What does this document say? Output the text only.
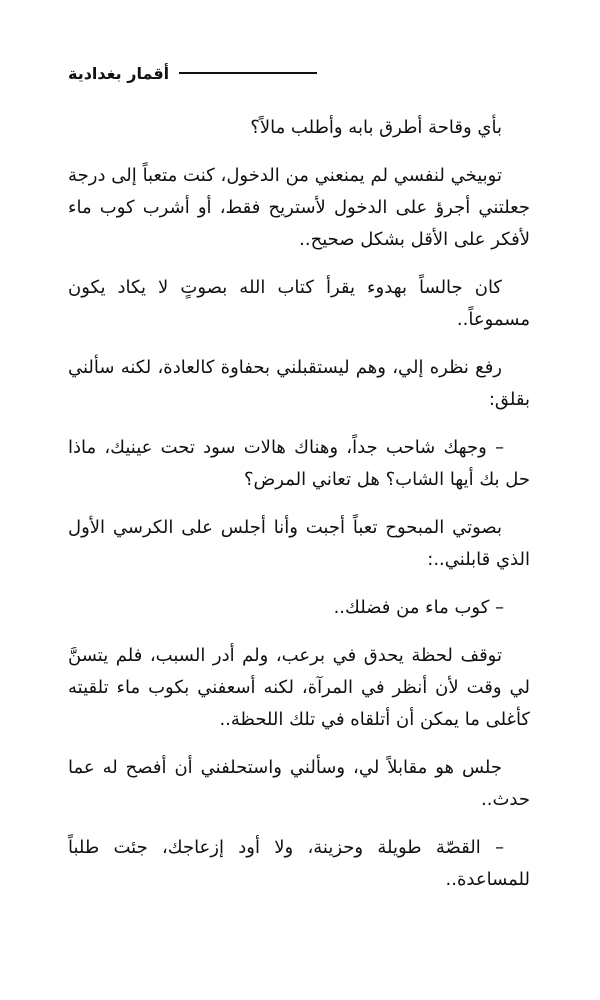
أقمار بغدادية

بأي وقاحة أطرق بابه وأطلب مالاً؟

توبيخي لنفسي لم يمنعني من الدخول، كنت متعباً إلى درجة جعلتني أجرؤ على الدخول لأستريح فقط، أو أشرب كوب ماء لأفكر على الأقل بشكل صحيح..

كان جالساً بهدوء يقرأ كتاب الله بصوتٍ لا يكاد يكون مسموعاً..

رفع نظره إلي، وهم ليستقبلني بحفاوة كالعادة، لكنه سألني بقلق:

– وجهك شاحب جداً، وهناك هالات سود تحت عينيك، ماذا حل بك أيها الشاب؟ هل تعاني المرض؟

بصوتي المبحوح تعباً أجبت وأنا أجلس على الكرسي الأول الذي قابلني..:

– كوب ماء من فضلك..

توقف لحظة يحدق في برعب، ولم أدر السبب، فلم يتسنَّ لي وقت لأن أنظر في المرآة، لكنه أسعفني بكوب ماء تلقيته كأغلى ما يمكن أن أتلقاه في تلك اللحظة..

جلس هو مقابلاً لي، وسألني واستحلفني أن أفصح له عما حدث..

– القصّة طويلة وحزينة، ولا أود إزعاجك، جئت طلباً للمساعدة..
